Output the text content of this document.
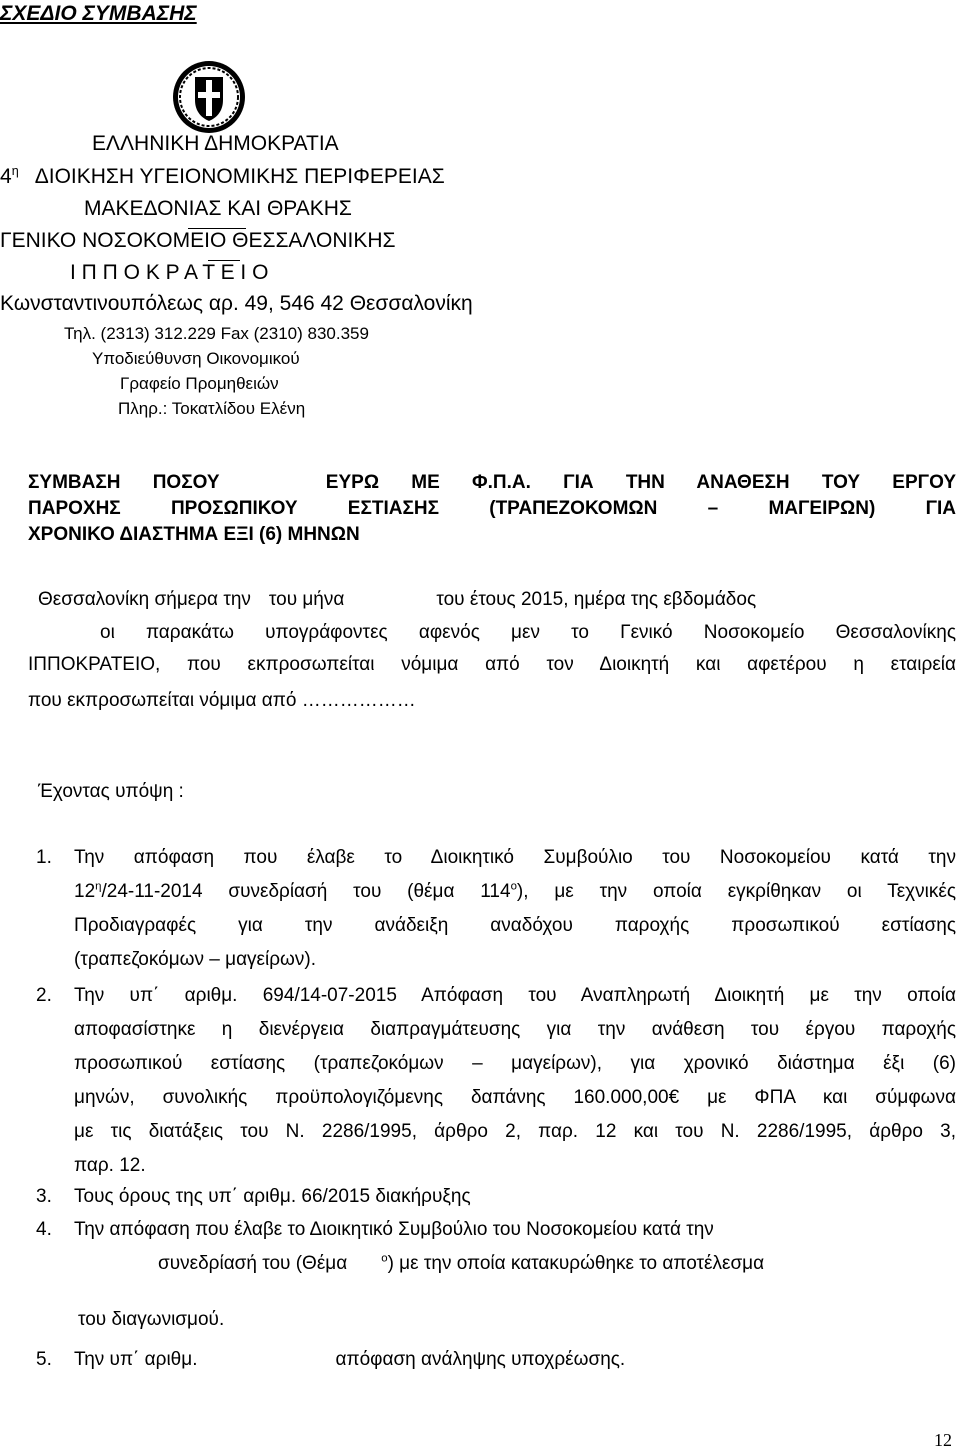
ΣΧΕΔΙΟ ΣΥΜΒΑΣΗΣ
ΕΛΛΗΝΙΚΗ ΔΗΜΟΚΡΑΤΙΑ
$4^\eta$ ΔΙΟΙΚΗΣΗ ΥΓΕΙΟΝΟΜΙΚΗΣ ΠΕΡΙΦΕΡΕΙΑΣ
ΜΑΚΕΔΟΝΙΑΣ ΚΑΙ ΘΡΑΚΗΣ
ΓΕΝΙΚΟ ΝΟΣΟΚΟΜΕΙΟ ΘΕΣΣΑΛΟΝΙΚΗΣ
Ι Π Π Ο Κ Ρ Α Τ Ε Ι Ο
Κωνσταντινουπόλεως αρ. 49, 546 42 Θεσσαλονίκη
Τηλ. (2313) 312.229 Fax (2310) 830.359
Υποδιεύθυνση Οικονομικού
Γραφείο Προμηθειών
Πληρ.: Τοκατλίδου Ελένη
ΣΥΜΒΑΣΗ ΠΟΣΟΥ	ΕΥΡΩ ΜΕ Φ.Π.Α. ΓΙΑ ΤΗΝ ΑΝΑΘΕΣΗ ΤΟΥ ΕΡΓΟΥ
ΠΑΡΟΧΗΣ ΠΡΟΣΩΠΙΚΟΥ ΕΣΤΙΑΣΗΣ (ΤΡΑΠΕΖΟΚΟΜΩΝ – ΜΑΓΕΙΡΩΝ) ΓΙΑ
ΧΡΟΝΙΚΟ ΔΙΑΣΤΗΜΑ ΕΞΙ (6) ΜΗΝΩΝ
Θεσσαλονίκη σήμερα την του μήνα	του έτους 2015, ημέρα της εβδομάδος
οι παρακάτω υπογράφοντες αφενός μεν το Γενικό Νοσοκομείο Θεσσαλονίκης
ΙΠΠΟΚΡΑΤΕΙΟ, που εκπροσωπείται νόμιμα από τον Διοικητή και αφετέρου η εταιρεία
που εκπροσωπείται νόμιμα από ………………
Έχοντας υπόψη :
1. Την απόφαση που έλαβε το Διοικητικό Συμβούλιο του Νοσοκομείου κατά την
$12^\eta/24-11-2014$ συνεδρίασή του (θέμα $114^o$), με την οποία εγκρίθηκαν οι Τεχνικές
Προδιαγραφές για την ανάδειξη αναδόχου παροχής προσωπικού εστίασης
(τραπεζοκόμων – μαγείρων).
2. Την υπ΄ αριθμ. 694/14-07-2015 Απόφαση του Αναπληρωτή Διοικητή με την οποία
αποφασίστηκε η διενέργεια διαπραγμάτευσης για την ανάθεση του έργου παροχής
προσωπικού εστίασης (τραπεζοκόμων – μαγείρων), για χρονικό διάστημα έξι (6)
μηνών, συνολικής προϋπολογιζόμενης δαπάνης 160.000,00€ με ΦΠΑ και σύμφωνα
με τις διατάξεις του Ν. 2286/1995, άρθρο 2, παρ. 12 και του Ν. 2286/1995, άρθρο 3,
παρ. 12.
3. Τους όρους της υπ΄ αριθμ. 66/2015 διακήρυξης
4. Την απόφαση που έλαβε το Διοικητικό Συμβούλιο του Νοσοκομείου κατά την
συνεδρίασή του (Θέμα	$^o$) με την οποία κατακυρώθηκε το αποτέλεσμα
του διαγωνισμού.
5. Την υπ΄ αριθμ.	απόφαση ανάληψης υποχρέωσης.
12
